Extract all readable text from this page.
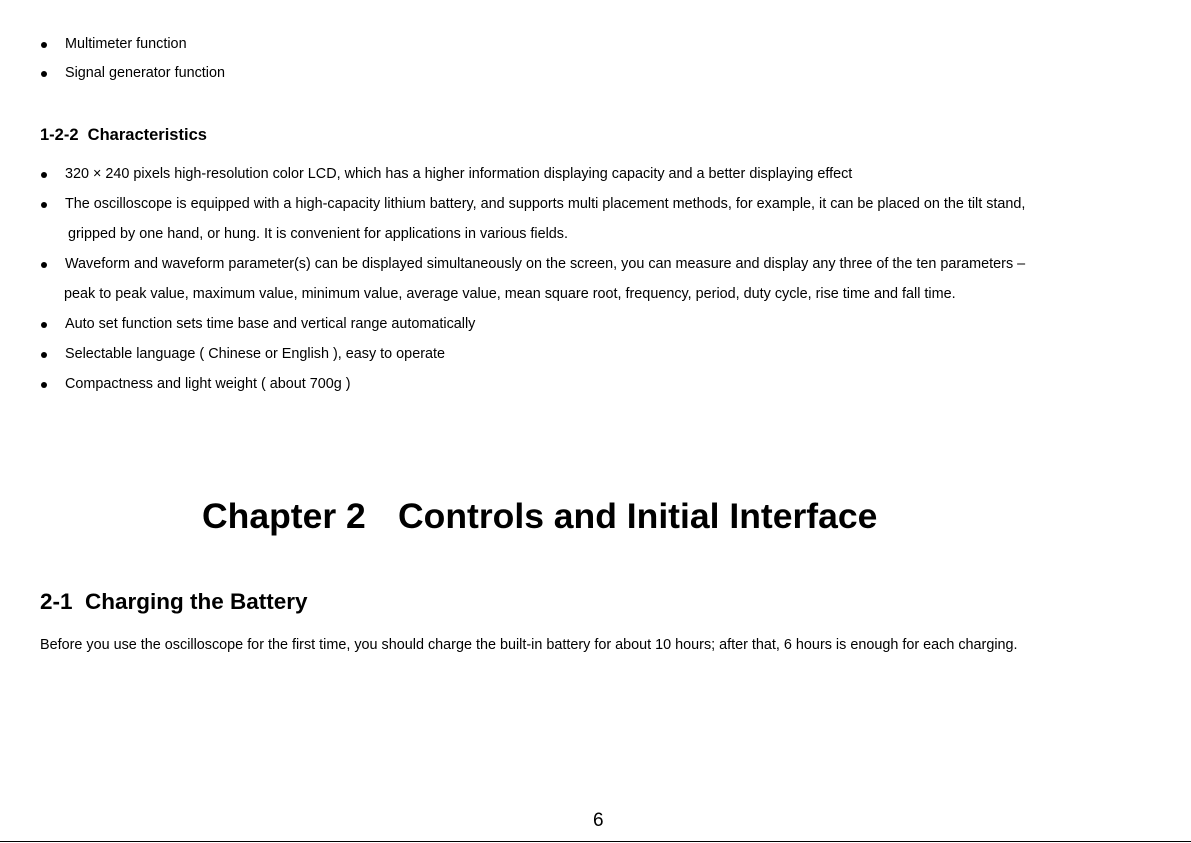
Multimeter function
Signal generator function
1-2-2  Characteristics
320 × 240 pixels high-resolution color LCD, which has a higher information displaying capacity and a better displaying effect
The oscilloscope is equipped with a high-capacity lithium battery, and supports multi placement methods, for example, it can be placed on the tilt stand,
gripped by one hand, or hung. It is convenient for applications in various fields.
Waveform and waveform parameter(s) can be displayed simultaneously on the screen, you can measure and display any three of the ten parameters –
peak to peak value, maximum value, minimum value, average value, mean square root, frequency, period, duty cycle, rise time and fall time.
Auto set function sets time base and vertical range automatically
Selectable language ( Chinese or English ), easy to operate
Compactness and light weight ( about 700g )
Chapter 2 Controls and Initial Interface
2-1  Charging the Battery
Before you use the oscilloscope for the first time, you should charge the built-in battery for about 10 hours; after that, 6 hours is enough for each charging.
6
